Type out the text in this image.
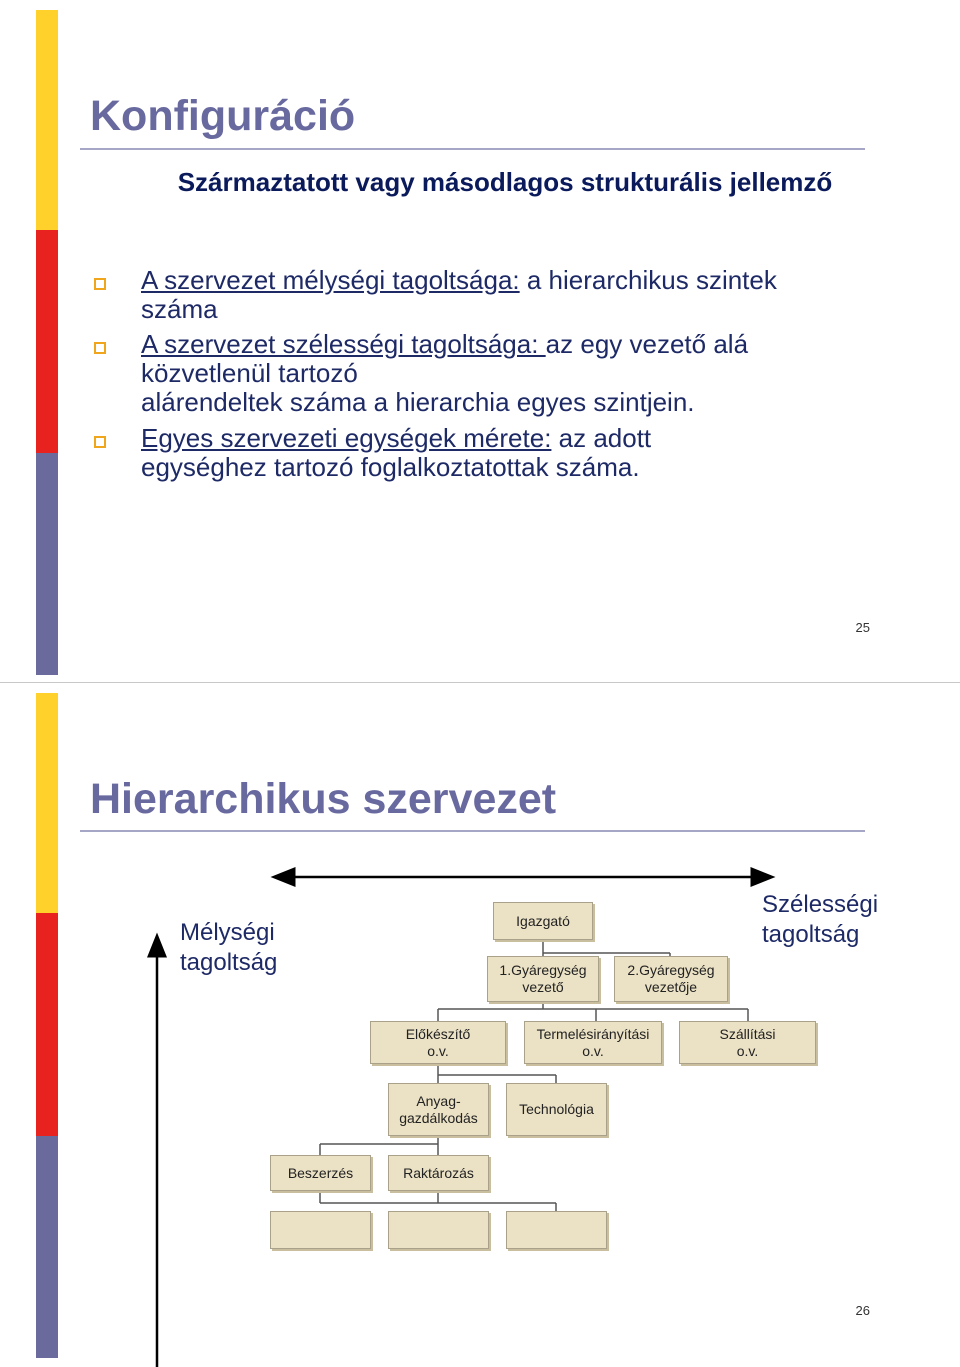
Konfiguráció
Származtatott vagy másodlagos strukturális jellemző
A szervezet mélységi tagoltsága: a hierarchikus szintek
száma
A szervezet szélességi tagoltsága: az egy vezető alá
közvetlenül tartozó
alárendeltek száma a hierarchia egyes szintjein.
Egyes szervezeti egységek mérete: az adott
egységhez tartozó foglalkoztatottak száma.
25
Hierarchikus szervezet
Mélységi
tagoltság
Szélességi
tagoltság
Igazgató
1.Gyáregység
vezető
2.Gyáregység
vezetője
Előkészítő
o.v.
Termelésirányítási
o.v.
Szállítási
o.v.
Anyag-
gazdálkodás
Technológia
Beszerzés	Raktározás
26
